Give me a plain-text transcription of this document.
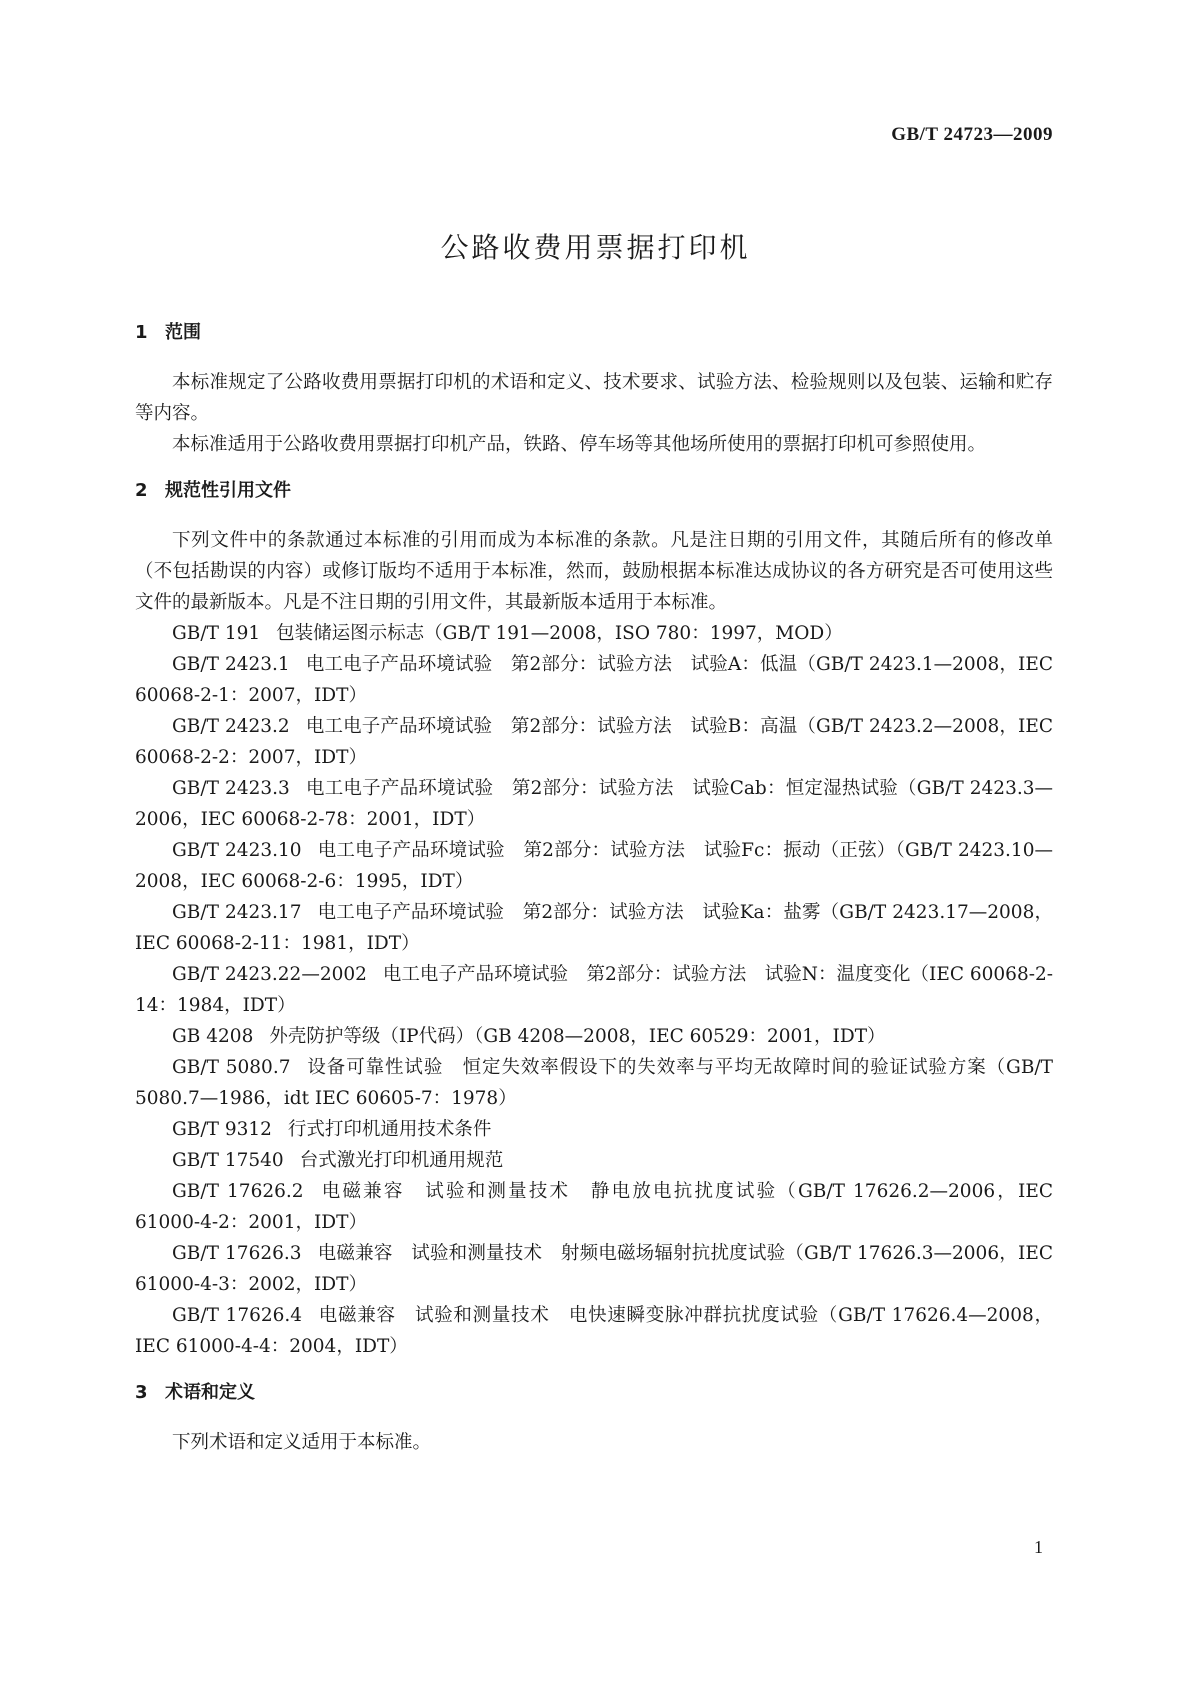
GB/T 24723—2009
公路收费用票据打印机
1 范围

本标准规定了公路收费用票据打印机的术语和定义、技术要求、试验方法、检验规则以及包装、运输和贮存等内容。

本标准适用于公路收费用票据打印机产品，铁路、停车场等其他场所使用的票据打印机可参照使用。

2 规范性引用文件

下列文件中的条款通过本标准的引用而成为本标准的条款。凡是注日期的引用文件，其随后所有的修改单（不包括勘误的内容）或修订版均不适用于本标准，然而，鼓励根据本标准达成协议的各方研究是否可使用这些文件的最新版本。凡是不注日期的引用文件，其最新版本适用于本标准。

GB/T 191 包装储运图示标志（GB/T 191—2008，ISO 780：1997，MOD）

GB/T 2423.1 电工电子产品环境试验　第2部分：试验方法　试验A：低温（GB/T 2423.1—2008，IEC 60068-2-1：2007，IDT）

GB/T 2423.2 电工电子产品环境试验　第2部分：试验方法　试验B：高温（GB/T 2423.2—2008，IEC 60068-2-2：2007，IDT）

GB/T 2423.3 电工电子产品环境试验　第2部分：试验方法　试验Cab：恒定湿热试验（GB/T 2423.3—2006，IEC 60068-2-78：2001，IDT）

GB/T 2423.10 电工电子产品环境试验　第2部分：试验方法　试验Fc：振动（正弦）（GB/T 2423.10—2008，IEC 60068-2-6：1995，IDT）

GB/T 2423.17 电工电子产品环境试验　第2部分：试验方法　试验Ka：盐雾（GB/T 2423.17—2008，IEC 60068-2-11：1981，IDT）

GB/T 2423.22—2002 电工电子产品环境试验　第2部分：试验方法　试验N：温度变化（IEC 60068-2-14：1984，IDT）

GB 4208 外壳防护等级（IP代码）（GB 4208—2008，IEC 60529：2001，IDT）

GB/T 5080.7 设备可靠性试验　恒定失效率假设下的失效率与平均无故障时间的验证试验方案（GB/T 5080.7—1986，idt IEC 60605-7：1978）

GB/T 9312 行式打印机通用技术条件

GB/T 17540 台式激光打印机通用规范

GB/T 17626.2 电磁兼容　试验和测量技术　静电放电抗扰度试验（GB/T 17626.2—2006，IEC 61000-4-2：2001，IDT）

GB/T 17626.3 电磁兼容　试验和测量技术　射频电磁场辐射抗扰度试验（GB/T 17626.3—2006，IEC 61000-4-3：2002，IDT）

GB/T 17626.4 电磁兼容　试验和测量技术　电快速瞬变脉冲群抗扰度试验（GB/T 17626.4—2008，IEC 61000-4-4：2004，IDT）

3 术语和定义

下列术语和定义适用于本标准。

1
